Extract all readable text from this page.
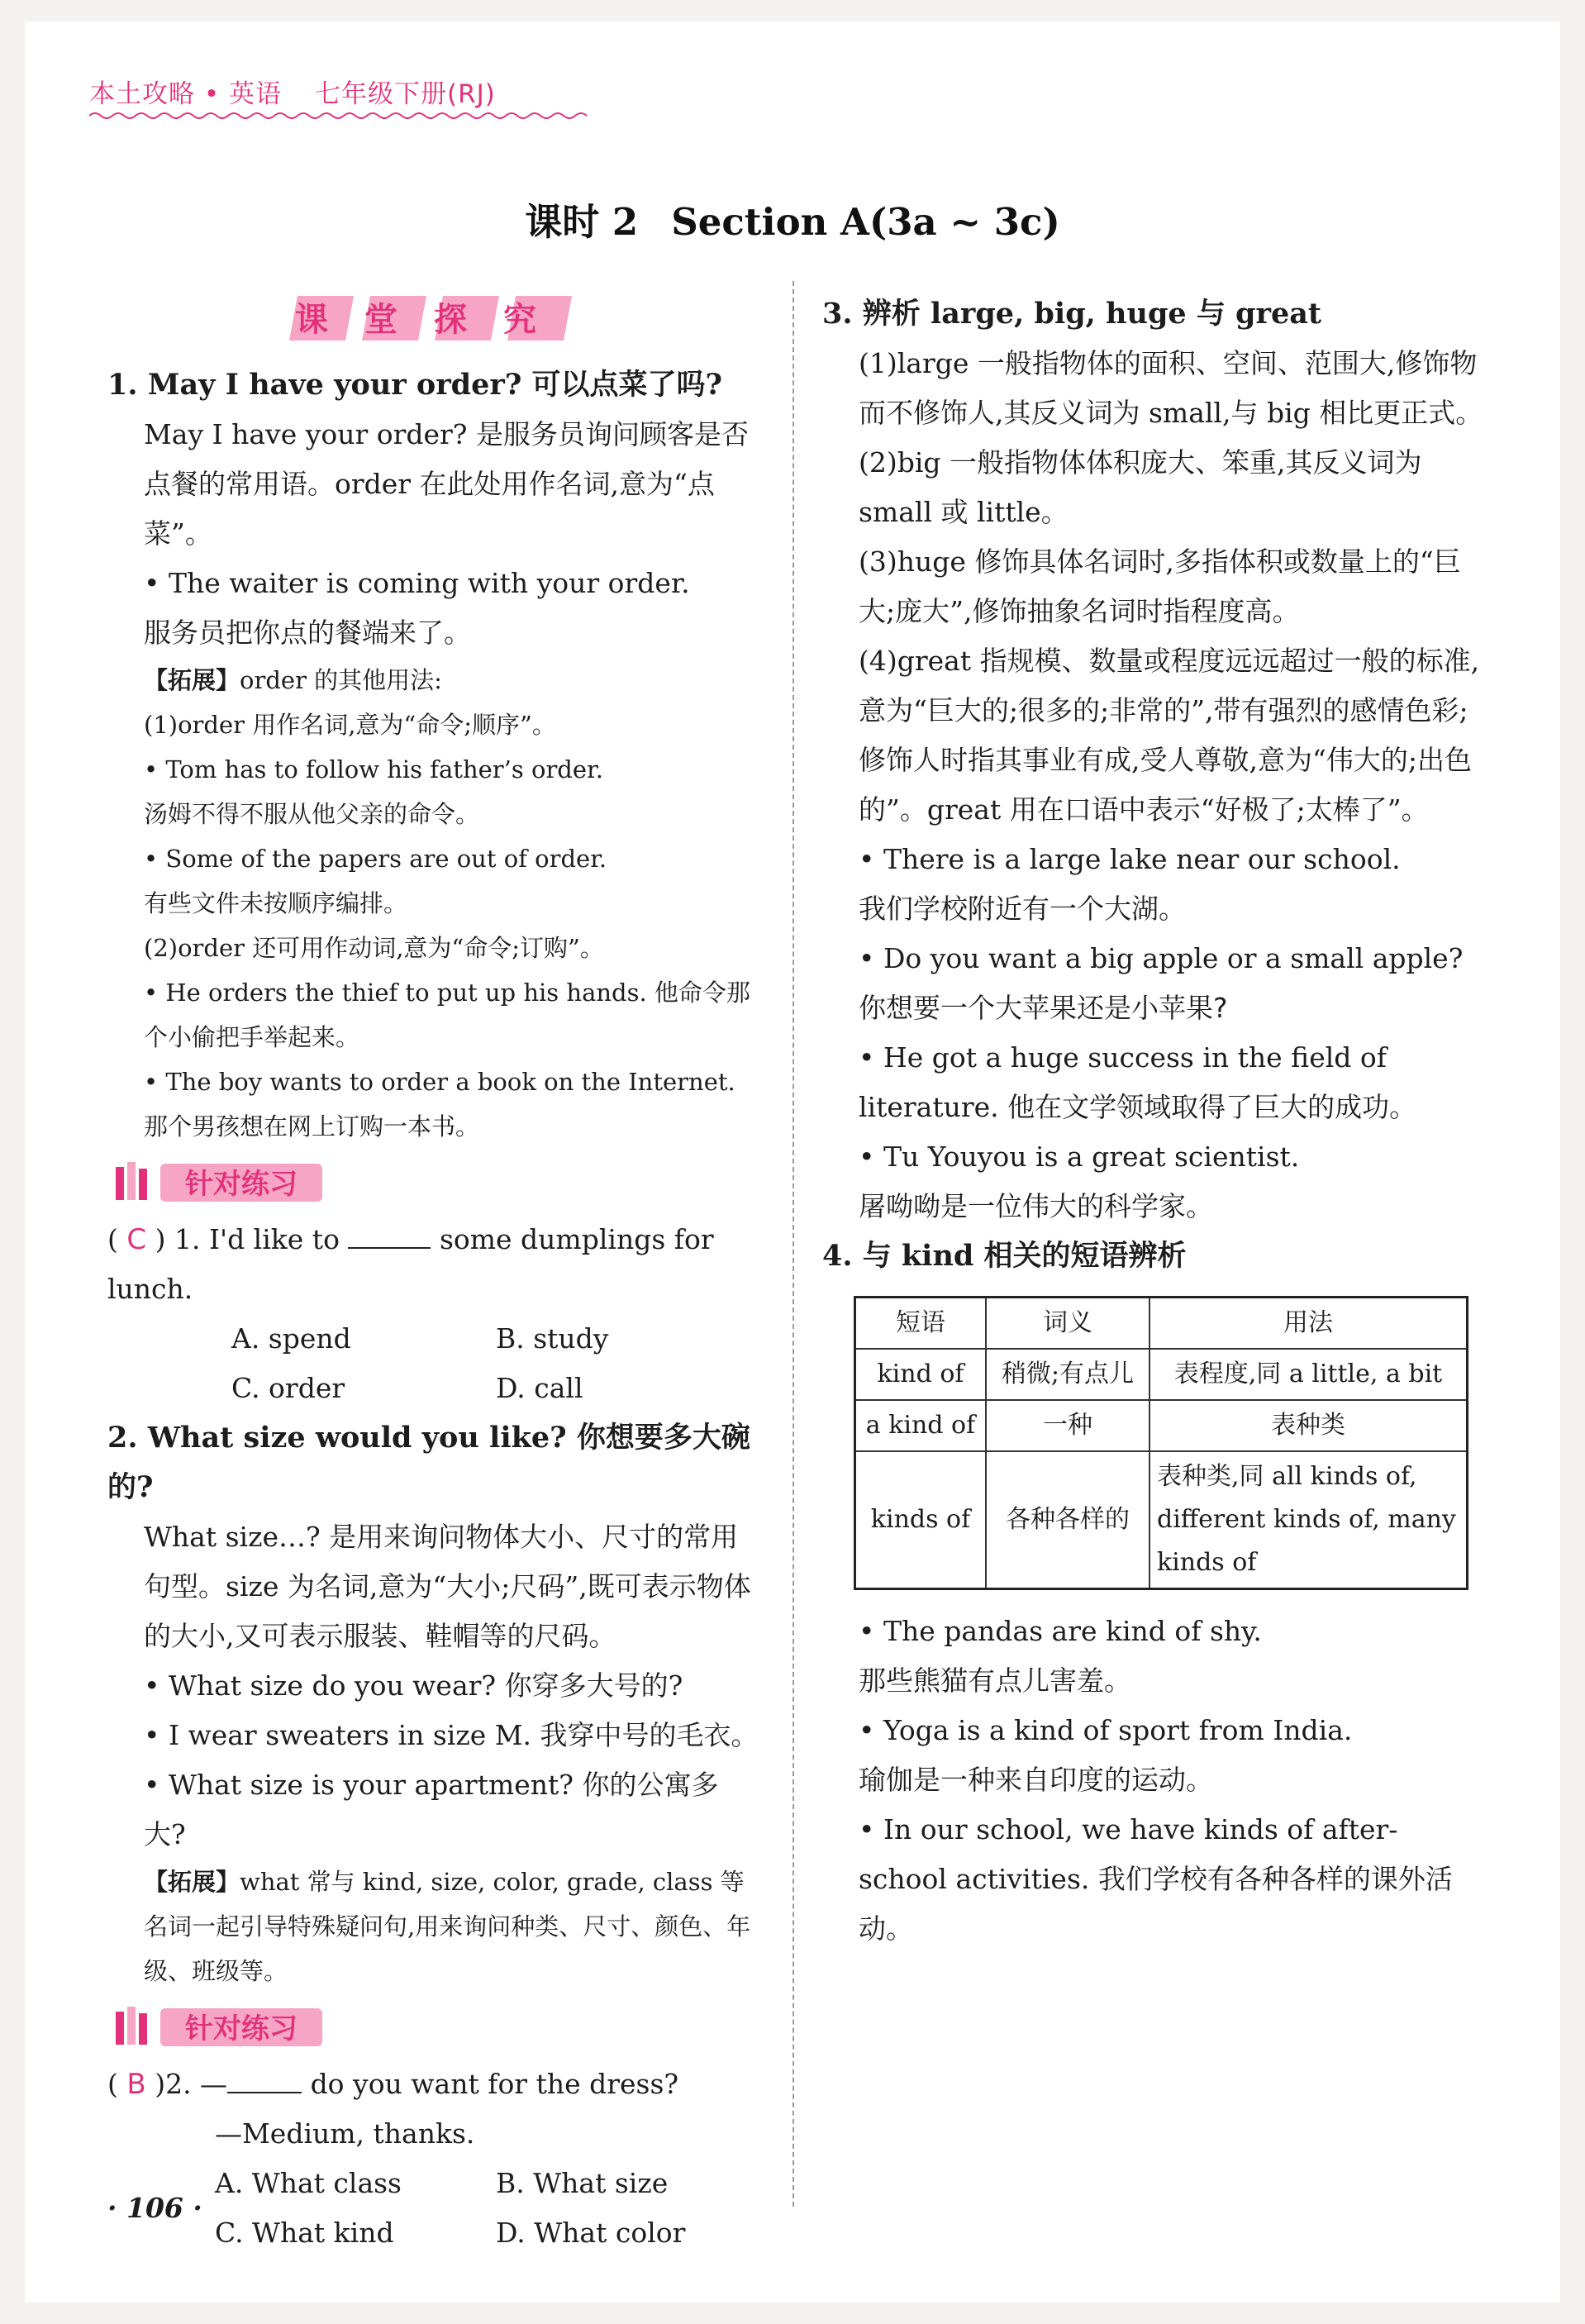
本土攻略 • 英语 七年级下册(RJ)
课时 2 Section A(3a ~ 3c)
课堂探究

1. May I have your order? 可以点菜了吗?

May I have your order? 是服务员询问顾客是否点餐的常用语。order 在此处用作名词,意为“点菜”。

• The waiter is coming with your order.

服务员把你点的餐端来了。

【拓展】order 的其他用法:

(1)order 用作名词,意为“命令;顺序”。

• Tom has to follow his father’s order.

汤姆不得不服从他父亲的命令。

• Some of the papers are out of order.

有些文件未按顺序编排。

(2)order 还可用作动词,意为“命令;订购”。

• He orders the thief to put up his hands. 他命令那个小偷把手举起来。

• The boy wants to order a book on the Internet.

那个男孩想在网上订购一本书。

针对练习

( C ) 1. I'd like to	some dumplings for lunch.

A. spend	B. study
C. order	D. call

2. What size would you like? 你想要多大碗的?

What size…? 是用来询问物体大小、尺寸的常用句型。size 为名词,意为“大小;尺码”,既可表示物体的大小,又可表示服装、鞋帽等的尺码。

• What size do you wear? 你穿多大号的?

• I wear sweaters in size M. 我穿中号的毛衣。

• What size is your apartment? 你的公寓多大?

【拓展】what 常与 kind, size, color, grade, class 等名词一起引导特殊疑问句,用来询问种类、尺寸、颜色、年级、班级等。

针对练习

( B )2. —	do you want for the dress?

—Medium, thanks.

A. What class	B. What size
C. What kind	D. What color

3. 辨析 large, big, huge 与 great

(1)large 一般指物体的面积、空间、范围大,修饰物而不修饰人,其反义词为 small,与 big 相比更正式。

(2)big 一般指物体体积庞大、笨重,其反义词为 small 或 little。

(3)huge 修饰具体名词时,多指体积或数量上的“巨大;庞大”,修饰抽象名词时指程度高。

(4)great 指规模、数量或程度远远超过一般的标准,意为“巨大的;很多的;非常的”,带有强烈的感情色彩;修饰人时指其事业有成,受人尊敬,意为“伟大的;出色的”。great 用在口语中表示“好极了;太棒了”。

• There is a large lake near our school.

我们学校附近有一个大湖。

• Do you want a big apple or a small apple?

你想要一个大苹果还是小苹果?

• He got a huge success in the field of literature. 他在文学领域取得了巨大的成功。

• Tu Youyou is a great scientist.

屠呦呦是一位伟大的科学家。

4. 与 kind 相关的短语辨析

短语	词义	用法
kind of	稍微;有点儿	表程度,同 a little, a bit
a kind of	一种	表种类
kinds of	各种各样的	表种类,同 all kinds of, different kinds of, many kinds of

• The pandas are kind of shy.

那些熊猫有点儿害羞。

• Yoga is a kind of sport from India.

瑜伽是一种来自印度的运动。

• In our school, we have kinds of after-school activities. 我们学校有各种各样的课外活动。

· 106 ·
